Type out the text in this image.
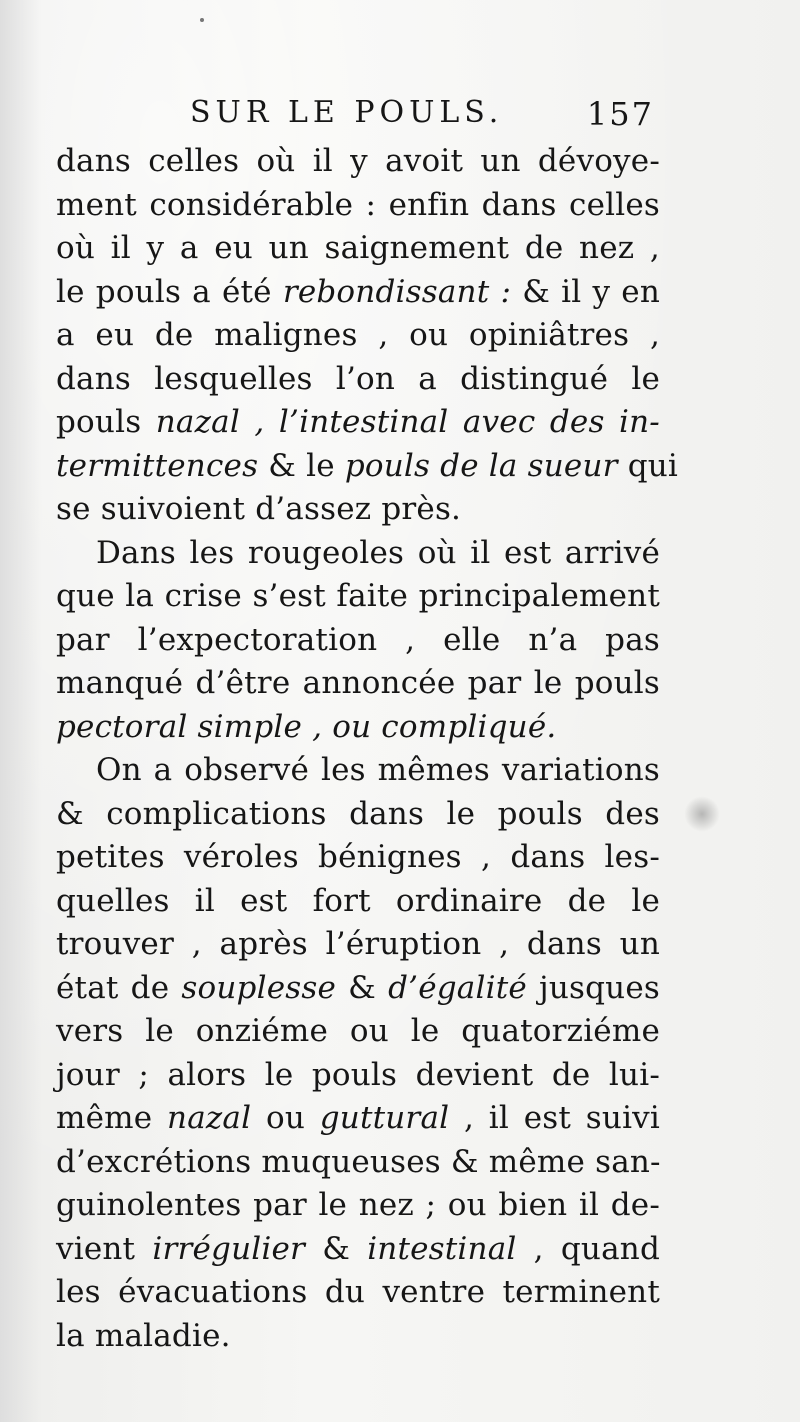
SUR LE POULS.	157
dans celles où il y avoit un dévoye-
ment considérable : enfin dans celles
où il y a eu un saignement de nez ,
le pouls a été rebondissant : & il y en
a eu de malignes , ou opiniâtres ,
dans lesquelles l’on a distingué le
pouls nazal , l’intestinal avec des in-
termittences & le pouls de la sueur qui
se suivoient d’assez près.
Dans les rougeoles où il est arrivé
que la crise s’est faite principalement
par l’expectoration , elle n’a pas
manqué d’être annoncée par le pouls
pectoral simple , ou compliqué.
On a observé les mêmes variations
& complications dans le pouls des
petites véroles bénignes , dans les-
quelles il est fort ordinaire de le
trouver , après l’éruption , dans un
état de souplesse & d’égalité jusques
vers le onziéme ou le quatorziéme
jour ; alors le pouls devient de lui-
même nazal ou guttural , il est suivi
d’excrétions muqueuses & même san-
guinolentes par le nez ; ou bien il de-
vient irrégulier & intestinal , quand
les évacuations du ventre terminent
la maladie.
